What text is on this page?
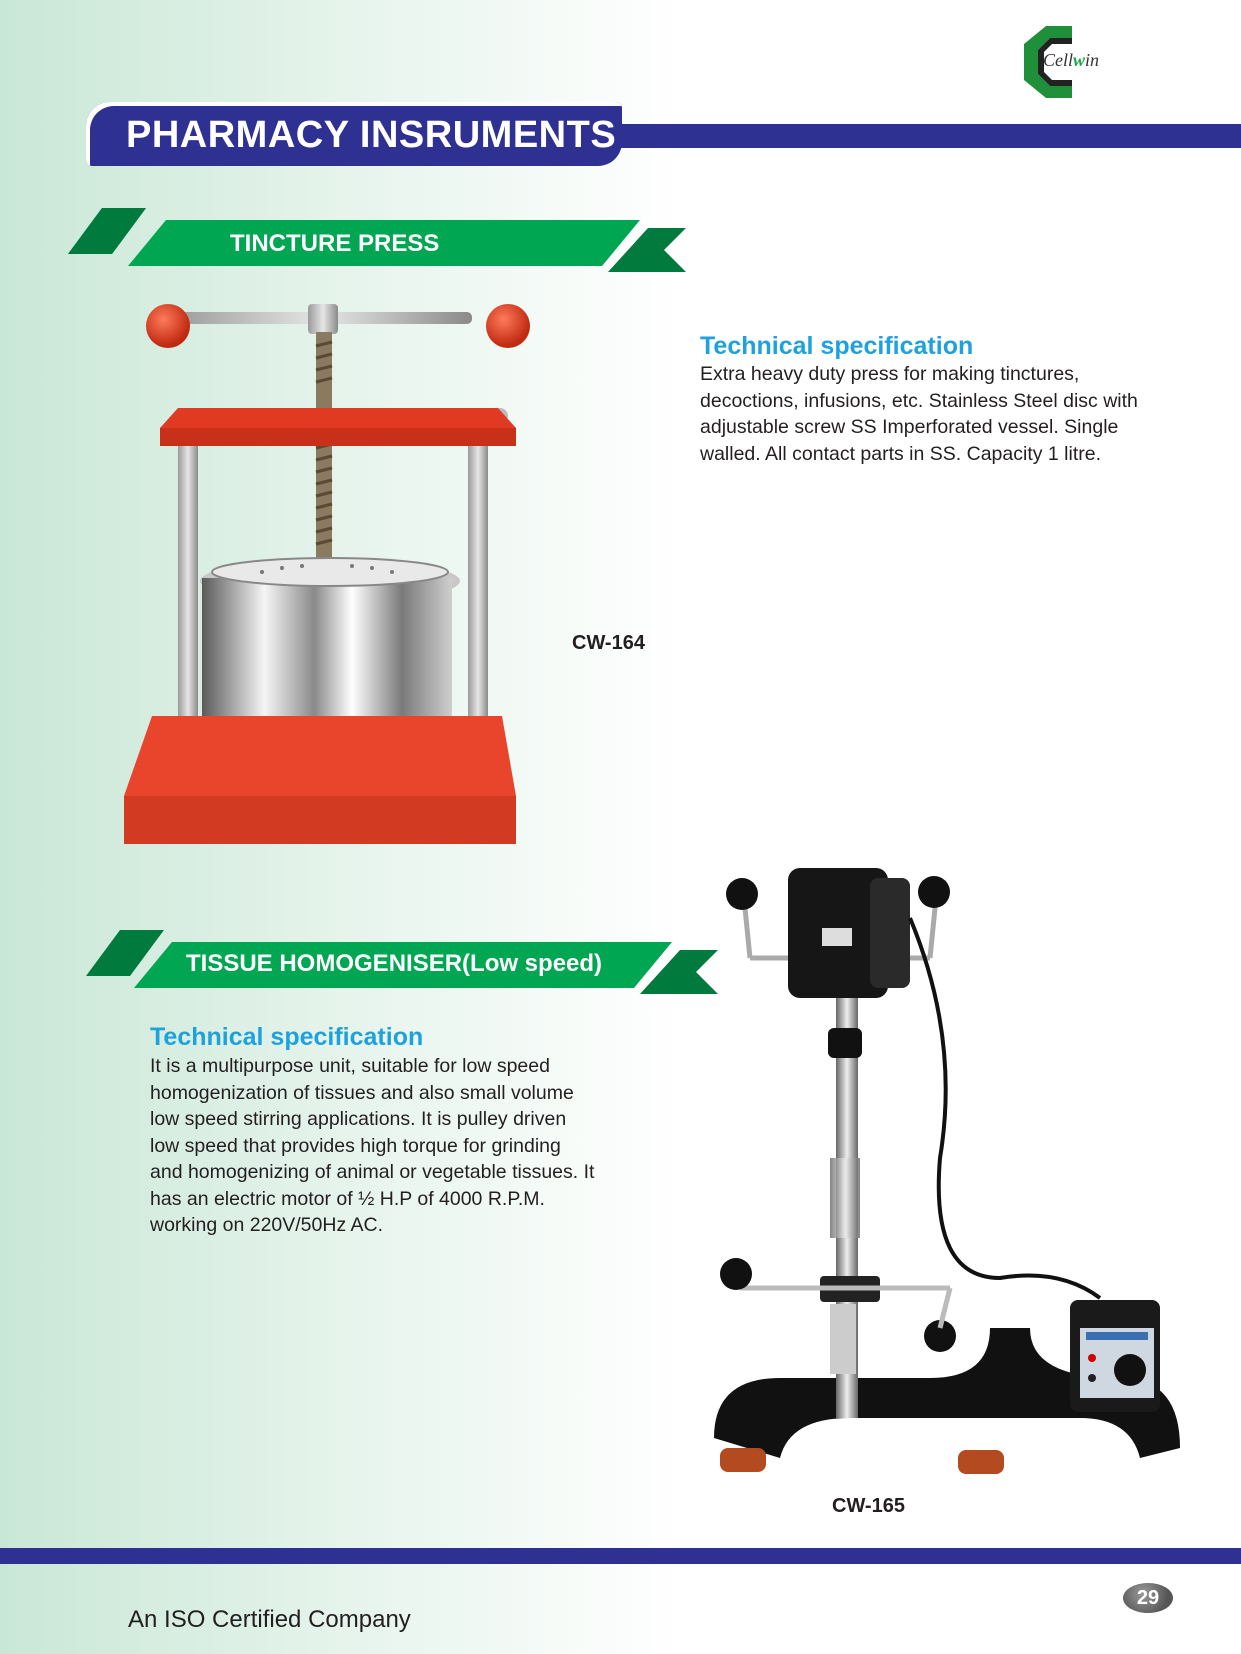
Cellwin
PHARMACY INSRUMENTS
TINCTURE PRESS
CW-164
Technical specification

Extra heavy duty press for making tinctures,

decoctions, infusions, etc. Stainless Steel disc with

adjustable screw SS Imperforated vessel. Single

walled. All contact parts in SS. Capacity 1 litre.

TISSUE HOMOGENISER(Low speed)
Technical specification

It is a multipurpose unit, suitable for low speed

homogenization of tissues and also small volume

low speed stirring applications. It is pulley driven

low speed that provides high torque for grinding

and homogenizing of animal or vegetable tissues. It

has an electric motor of ½ H.P of 4000 R.P.M.

working on 220V/50Hz AC.

CW-165
29
An ISO Certified Company
